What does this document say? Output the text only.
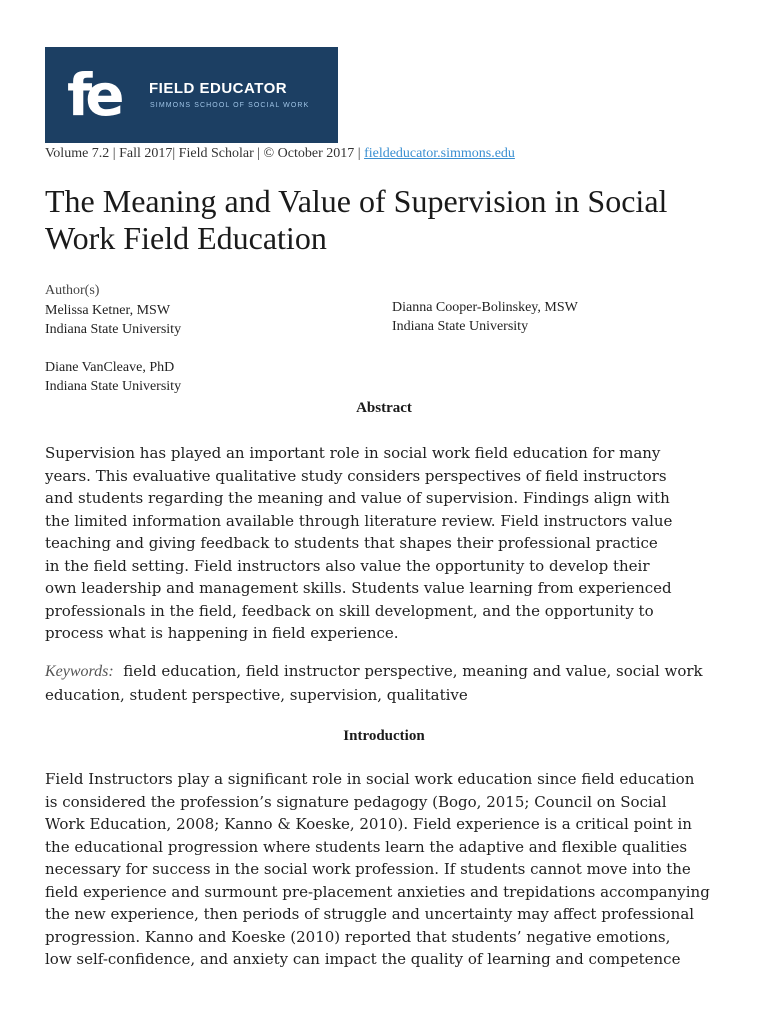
fe FIELD EDUCATOR
SIMMONS SCHOOL OF SOCIAL WORK
Volume 7.2 | Fall 2017| Field Scholar | © October 2017 | fieldeducator.simmons.edu
The Meaning and Value of Supervision in Social
Work Field Education
Author(s)
Melissa Ketner, MSW
Indiana State University
Dianna Cooper-Bolinskey, MSW
Indiana State University
Diane VanCleave, PhD
Indiana State University
Abstract
Supervision has played an important role in social work field education for many
years. This evaluative qualitative study considers perspectives of field instructors
and students regarding the meaning and value of supervision. Findings align with
the limited information available through literature review. Field instructors value
teaching and giving feedback to students that shapes their professional practice
in the field setting. Field instructors also value the opportunity to develop their
own leadership and management skills. Students value learning from experienced
professionals in the field, feedback on skill development, and the opportunity to
process what is happening in field experience.
Keywords: field education, field instructor perspective, meaning and value, social work
education, student perspective, supervision, qualitative
Introduction
Field Instructors play a significant role in social work education since field education
is considered the profession’s signature pedagogy (Bogo, 2015; Council on Social
Work Education, 2008; Kanno & Koeske, 2010). Field experience is a critical point in
the educational progression where students learn the adaptive and flexible qualities
necessary for success in the social work profession. If students cannot move into the
field experience and surmount pre-placement anxieties and trepidations accompanying
the new experience, then periods of struggle and uncertainty may affect professional
progression. Kanno and Koeske (2010) reported that students’ negative emotions,
low self-confidence, and anxiety can impact the quality of learning and competence
